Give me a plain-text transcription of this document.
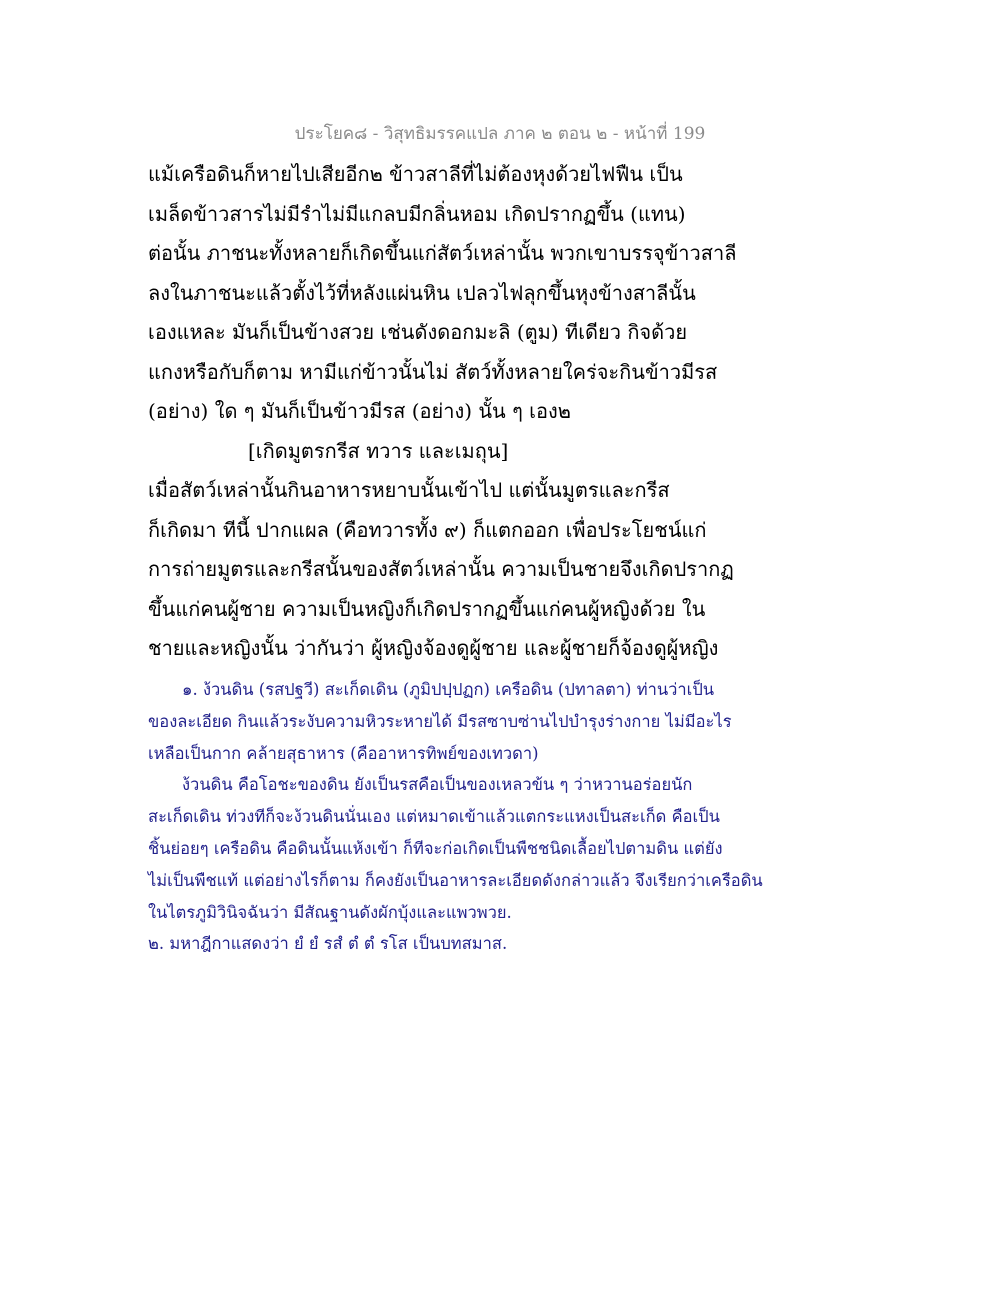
ประโยค๘ - วิสุทธิมรรคแปล ภาค ๒ ตอน ๒ - หน้าที่ 199
แม้เครือดินก็หายไปเสียอีก๒ ข้าวสาลีที่ไม่ต้องหุงด้วยไฟฟืน เป็น
เมล็ดข้าวสารไม่มีรำไม่มีแกลบมีกลิ่นหอม เกิดปรากฏขึ้น (แทน)
ต่อนั้น ภาชนะทั้งหลายก็เกิดขึ้นแก่สัตว์เหล่านั้น พวกเขาบรรจุข้าวสาลี
ลงในภาชนะแล้วตั้งไว้ที่หลังแผ่นหิน เปลวไฟลุกขึ้นหุงข้างสาลีนั้น
เองแหละ มันก็เป็นข้างสวย เช่นดังดอกมะลิ (ตูม) ทีเดียว กิจด้วย
แกงหรือกับก็ตาม หามีแก่ข้าวนั้นไม่ สัตว์ทั้งหลายใคร่จะกินข้าวมีรส
(อย่าง) ใด ๆ มันก็เป็นข้าวมีรส (อย่าง) นั้น ๆ เอง๒
[เกิดมูตรกรีส ทวาร และเมถุน]
เมื่อสัตว์เหล่านั้นกินอาหารหยาบนั้นเข้าไป แต่นั้นมูตรและกรีส
ก็เกิดมา ทีนี้ ปากแผล (คือทวารทั้ง ๙) ก็แตกออก เพื่อประโยชน์แก่
การถ่ายมูตรและกรีสนั้นของสัตว์เหล่านั้น ความเป็นชายจึงเกิดปรากฏ
ขึ้นแก่คนผู้ชาย ความเป็นหญิงก็เกิดปรากฏขึ้นแก่คนผู้หญิงด้วย ใน
ชายและหญิงนั้น ว่ากันว่า ผู้หญิงจ้องดูผู้ชาย และผู้ชายก็จ้องดูผู้หญิง
๑. ง้วนดิน (รสปฐวี) สะเก็ดเดิน (ภูมิปปฺปฏก) เครือดิน (ปทาลตา) ท่านว่าเป็น
ของละเอียด กินแล้วระงับความหิวระหายได้ มีรสซาบซ่านไปบำรุงร่างกาย ไม่มีอะไร
เหลือเป็นกาก คล้ายสุธาหาร (คืออาหารทิพย์ของเทวดา)
ง้วนดิน คือโอชะของดิน ยังเป็นรสคือเป็นของเหลวข้น ๆ ว่าหวานอร่อยนัก
สะเก็ดเดิน ท่วงทีก็จะง้วนดินนั่นเอง แต่หมาดเข้าแล้วแตกระแหงเป็นสะเก็ด คือเป็น
ชิ้นย่อยๆ เครือดิน คือดินนั้นแห้งเข้า ก็ทีจะก่อเกิดเป็นพืชชนิดเลื้อยไปตามดิน แต่ยัง
ไม่เป็นพืชแท้ แต่อย่างไรก็ตาม ก็คงยังเป็นอาหารละเอียดดังกล่าวแล้ว จึงเรียกว่าเครือดิน
ในไตรภูมิวินิจฉันว่า มีสัณฐานดังผักบุ้งและแพวพวย.
๒. มหาฎีกาแสดงว่า ยํ ยํ รสํ ตํ ตํ รโส เป็นบทสมาส.
